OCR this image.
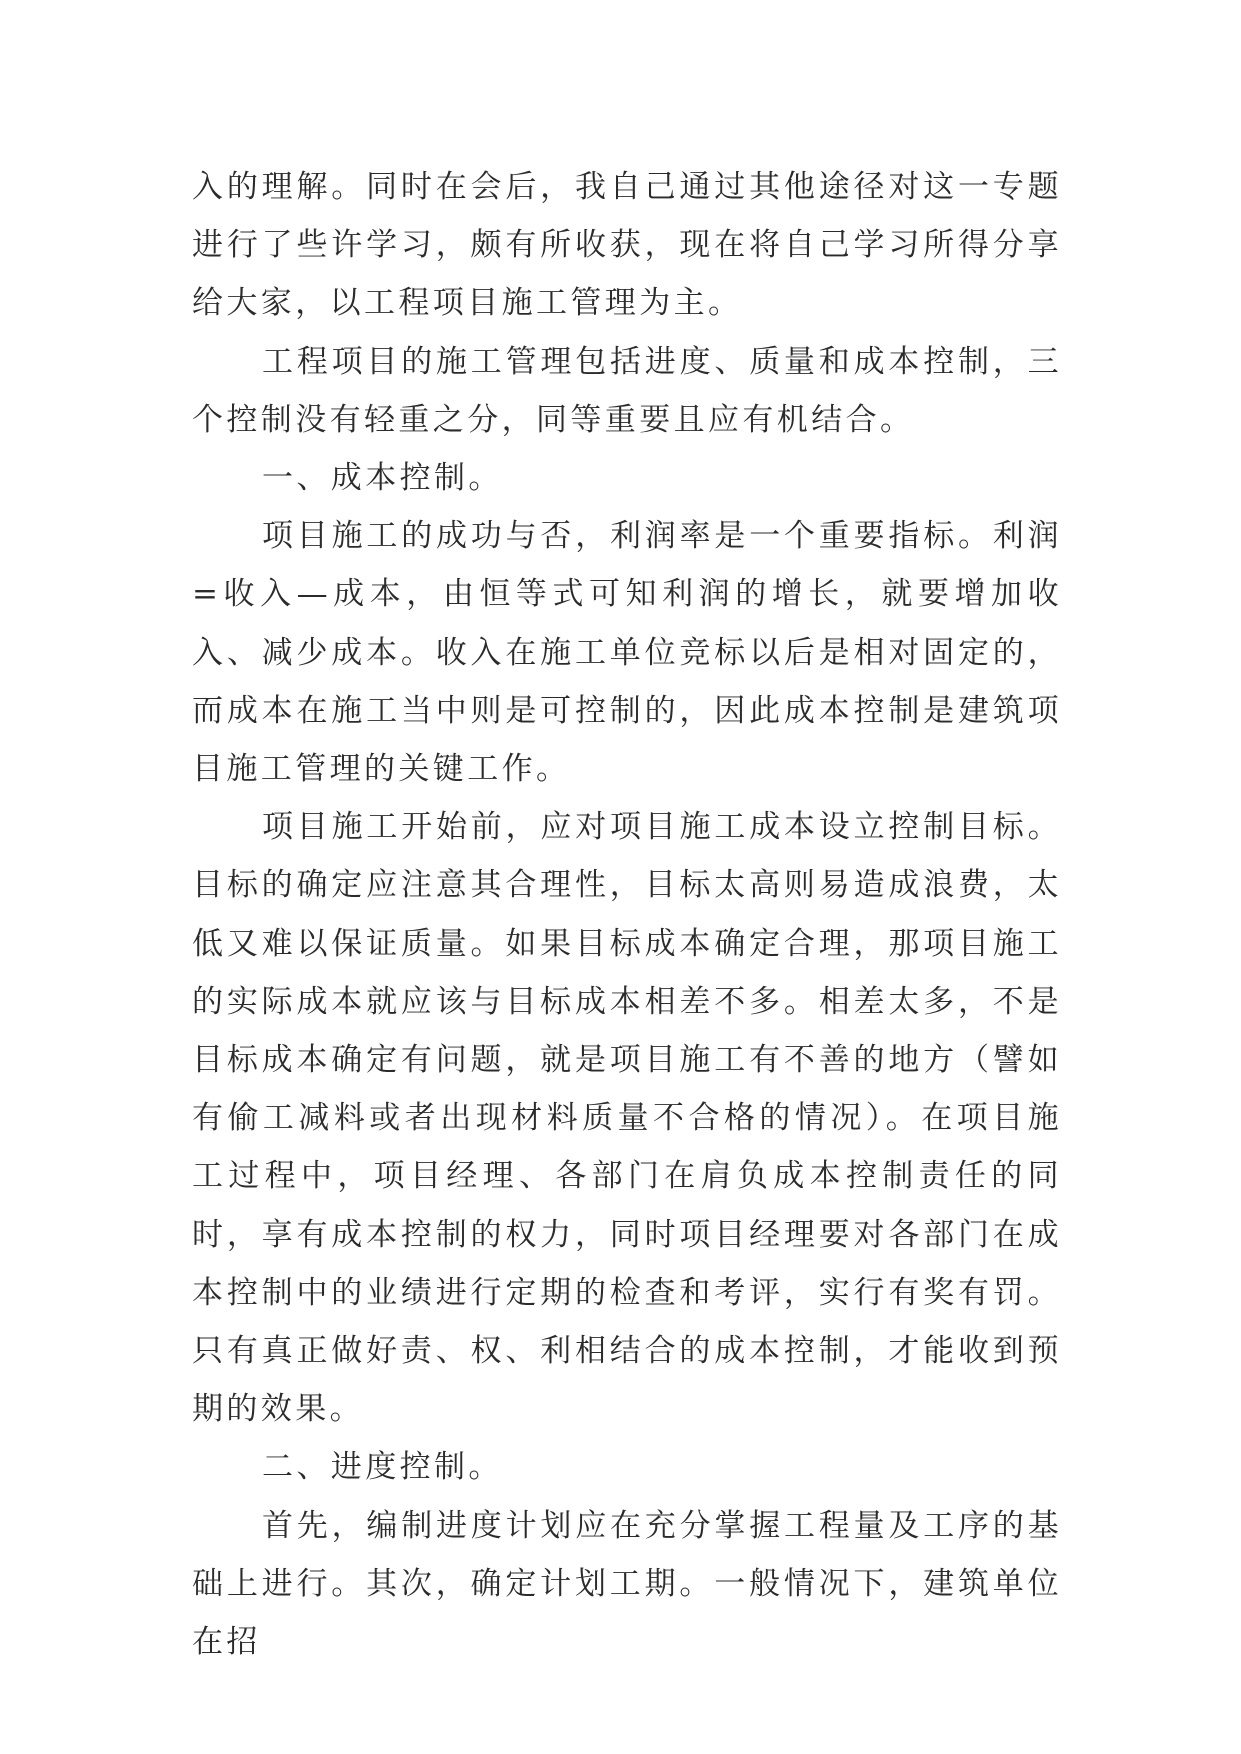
入的理解。同时在会后，我自己通过其他途径对这一专题进行了些许学习，颇有所收获，现在将自己学习所得分享给大家，以工程项目施工管理为主。

工程项目的施工管理包括进度、质量和成本控制，三个控制没有轻重之分，同等重要且应有机结合。

一、成本控制。

项目施工的成功与否，利润率是一个重要指标。利润=收入—成本，由恒等式可知利润的增长，就要增加收入、减少成本。收入在施工单位竞标以后是相对固定的，而成本在施工当中则是可控制的，因此成本控制是建筑项目施工管理的关键工作。

项目施工开始前，应对项目施工成本设立控制目标。目标的确定应注意其合理性，目标太高则易造成浪费，太低又难以保证质量。如果目标成本确定合理，那项目施工的实际成本就应该与目标成本相差不多。相差太多，不是目标成本确定有问题，就是项目施工有不善的地方（譬如有偷工减料或者出现材料质量不合格的情况）。在项目施工过程中，项目经理、各部门在肩负成本控制责任的同时，享有成本控制的权力，同时项目经理要对各部门在成本控制中的业绩进行定期的检查和考评，实行有奖有罚。只有真正做好责、权、利相结合的成本控制，才能收到预期的效果。

二、进度控制。

首先，编制进度计划应在充分掌握工程量及工序的基础上进行。其次，确定计划工期。一般情况下，建筑单位在招
